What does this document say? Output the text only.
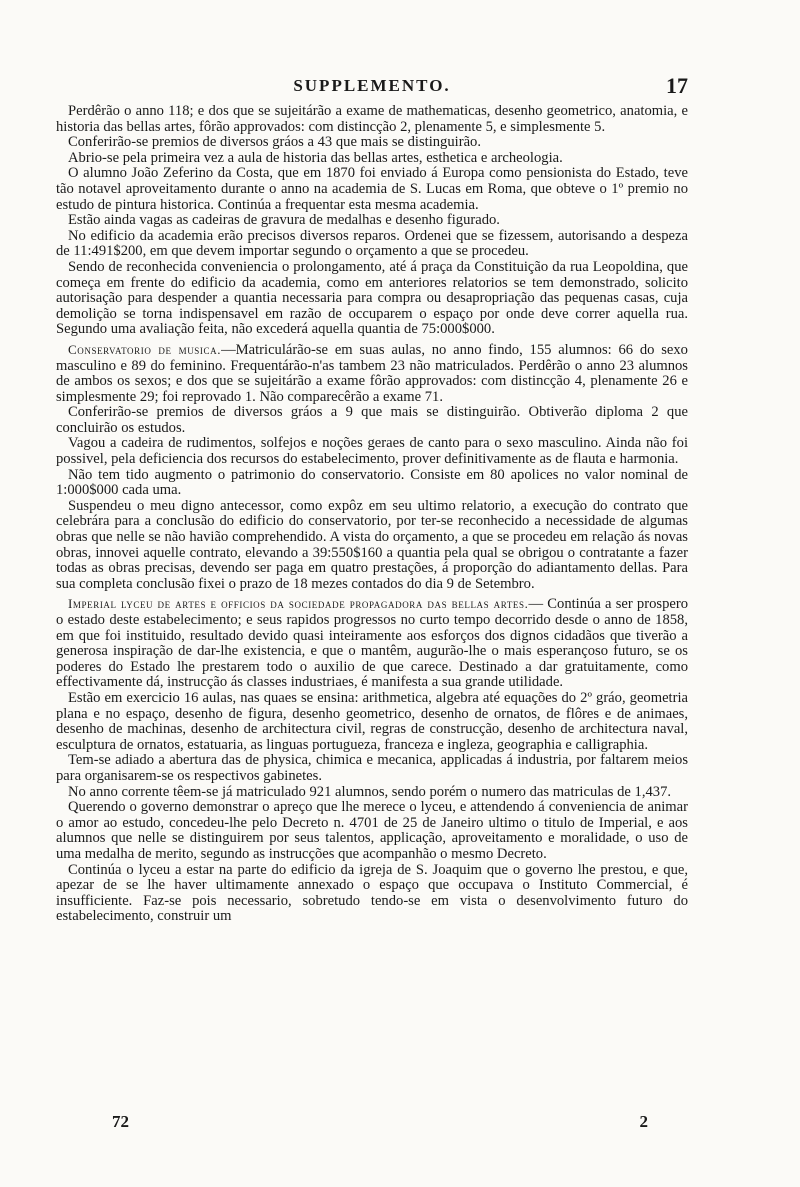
SUPPLEMENTO.	17

Perdêrão o anno 118; e dos que se sujeitárão a exame de mathematicas, desenho geometrico, anatomia, e historia das bellas artes, fôrão approvados: com distincção 2, plenamente 5, e simplesmente 5.

Conferirão-se premios de diversos gráos a 43 que mais se distinguirão.

Abrio-se pela primeira vez a aula de historia das bellas artes, esthetica e archeologia.

O alumno João Zeferino da Costa, que em 1870 foi enviado á Europa como pensionista do Estado, teve tão notavel aproveitamento durante o anno na academia de S. Lucas em Roma, que obteve o 1º premio no estudo de pintura historica. Continúa a frequentar esta mesma academia.

Estão ainda vagas as cadeiras de gravura de medalhas e desenho figurado.

No edificio da academia erão precisos diversos reparos. Ordenei que se fizessem, autorisando a despeza de 11:491$200, em que devem importar segundo o orçamento a que se procedeu.

Sendo de reconhecida conveniencia o prolongamento, até á praça da Constituição da rua Leopoldina, que começa em frente do edificio da academia, como em anteriores relatorios se tem demonstrado, solicito autorisação para despender a quantia necessaria para compra ou desapropriação das pequenas casas, cuja demolição se torna indispensavel em razão de occuparem o espaço por onde deve correr aquella rua. Segundo uma avaliação feita, não excederá aquella quantia de 75:000$000.

Conservatorio de musica.—Matriculárão-se em suas aulas, no anno findo, 155 alumnos: 66 do sexo masculino e 89 do feminino. Frequentárão-n'as tambem 23 não matriculados. Perdêrão o anno 23 alumnos de ambos os sexos; e dos que se sujeitárão a exame fôrão approvados: com distincção 4, plenamente 26 e simplesmente 29; foi reprovado 1. Não comparecêrão a exame 71.

Conferirão-se premios de diversos gráos a 9 que mais se distinguirão. Obtiverão diploma 2 que concluirão os estudos.

Vagou a cadeira de rudimentos, solfejos e noções geraes de canto para o sexo masculino. Ainda não foi possivel, pela deficiencia dos recursos do estabelecimento, prover definitivamente as de flauta e harmonia.

Não tem tido augmento o patrimonio do conservatorio. Consiste em 80 apolices no valor nominal de 1:000$000 cada uma.

Suspendeu o meu digno antecessor, como expôz em seu ultimo relatorio, a execução do contrato que celebrára para a conclusão do edificio do conservatorio, por ter-se reconhecido a necessidade de algumas obras que nelle se não havião comprehendido. A vista do orçamento, a que se procedeu em relação ás novas obras, innovei aquelle contrato, elevando a 39:550$160 a quantia pela qual se obrigou o contratante a fazer todas as obras precisas, devendo ser paga em quatro prestações, á proporção do adiantamento dellas. Para sua completa conclusão fixei o prazo de 18 mezes contados do dia 9 de Setembro.

Imperial lyceu de artes e officios da sociedade propagadora das bellas artes.— Continúa a ser prospero o estado deste estabelecimento; e seus rapidos progressos no curto tempo decorrido desde o anno de 1858, em que foi instituido, resultado devido quasi inteiramente aos esforços dos dignos cidadãos que tiverão a generosa inspiração de dar-lhe existencia, e que o mantêm, augurão-lhe o mais esperançoso futuro, se os poderes do Estado lhe prestarem todo o auxilio de que carece. Destinado a dar gratuitamente, como effectivamente dá, instrucção ás classes industriaes, é manifesta a sua grande utilidade.

Estão em exercicio 16 aulas, nas quaes se ensina: arithmetica, algebra até equações do 2º gráo, geometria plana e no espaço, desenho de figura, desenho geometrico, desenho de ornatos, de flôres e de animaes, desenho de machinas, desenho de architectura civil, regras de construcção, desenho de architectura naval, esculptura de ornatos, estatuaria, as linguas portugueza, franceza e ingleza, geographia e calligraphia.

Tem-se adiado a abertura das de physica, chimica e mecanica, applicadas á industria, por faltarem meios para organisarem-se os respectivos gabinetes.

No anno corrente têem-se já matriculado 921 alumnos, sendo porém o numero das matriculas de 1,437.

Querendo o governo demonstrar o apreço que lhe merece o lyceu, e attendendo á conveniencia de animar o amor ao estudo, concedeu-lhe pelo Decreto n. 4701 de 25 de Janeiro ultimo o titulo de Imperial, e aos alumnos que nelle se distinguirem por seus talentos, applicação, aproveitamento e moralidade, o uso de uma medalha de merito, segundo as instrucções que acompanhão o mesmo Decreto.

Continúa o lyceu a estar na parte do edificio da igreja de S. Joaquim que o governo lhe prestou, e que, apezar de se lhe haver ultimamente annexado o espaço que occupava o Instituto Commercial, é insufficiente. Faz-se pois necessario, sobretudo tendo-se em vista o desenvolvimento futuro do estabelecimento, construir um

72	2
